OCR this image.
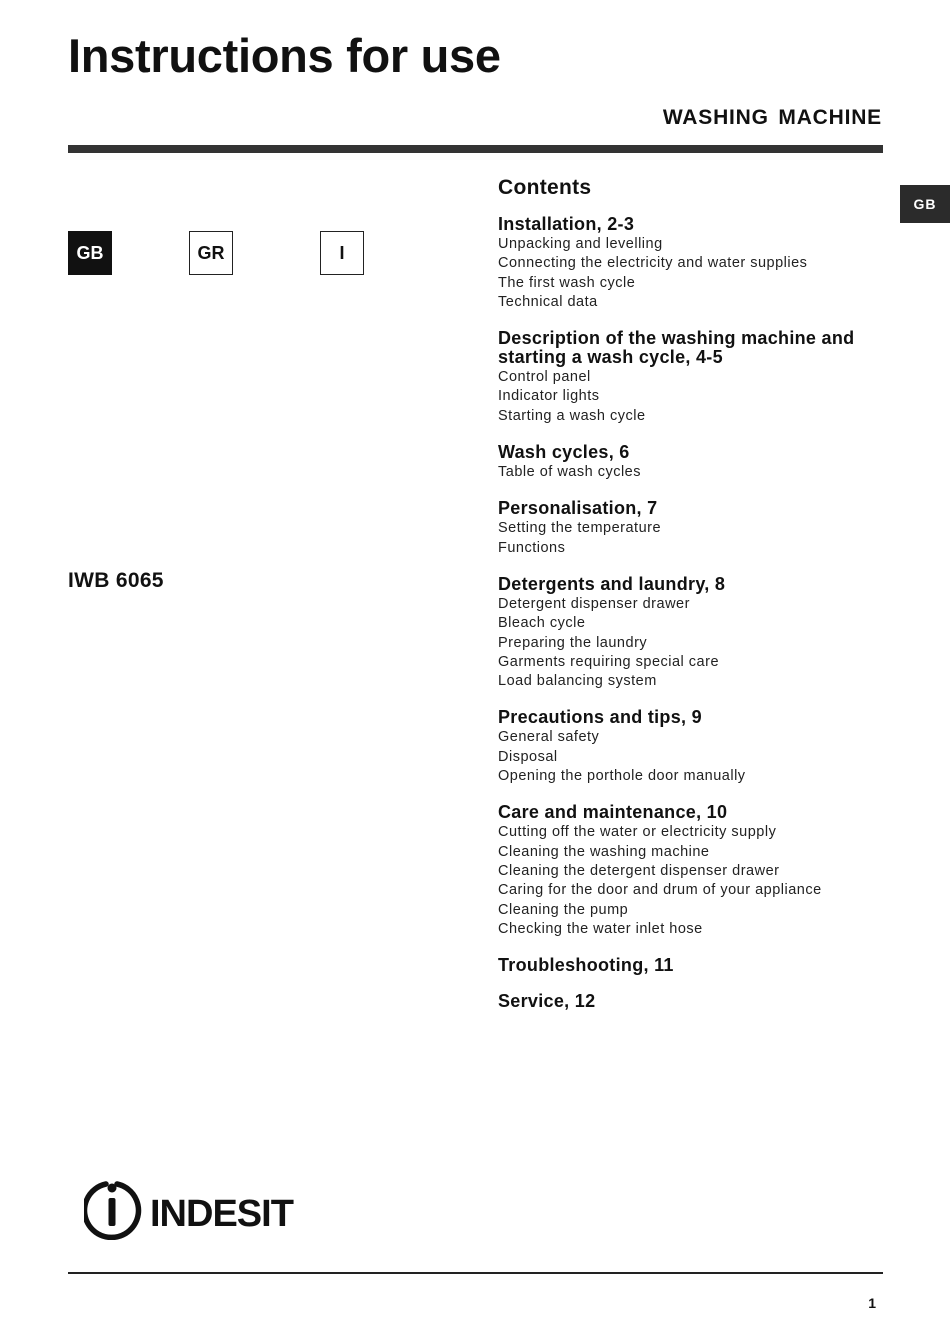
Instructions for use
WASHING MACHINE
GB
GB	GR	I
IWB 6065
Contents
Installation, 2-3
Unpacking and levelling
Connecting the electricity and water supplies
The first wash cycle
Technical data
Description of the washing machine and starting a wash cycle, 4-5
Control panel
Indicator lights
Starting a wash cycle
Wash cycles, 6
Table of wash cycles
Personalisation, 7
Setting the temperature
Functions
Detergents and laundry, 8
Detergent dispenser drawer
Bleach cycle
Preparing the laundry
Garments requiring special care
Load balancing system
Precautions and tips, 9
General safety
Disposal
Opening the porthole door manually
Care and maintenance, 10
Cutting off the water or electricity supply
Cleaning the washing machine
Cleaning the detergent dispenser drawer
Caring for the door and drum of your appliance
Cleaning the pump
Checking the water inlet hose
Troubleshooting, 11
Service, 12
INDESIT
1
